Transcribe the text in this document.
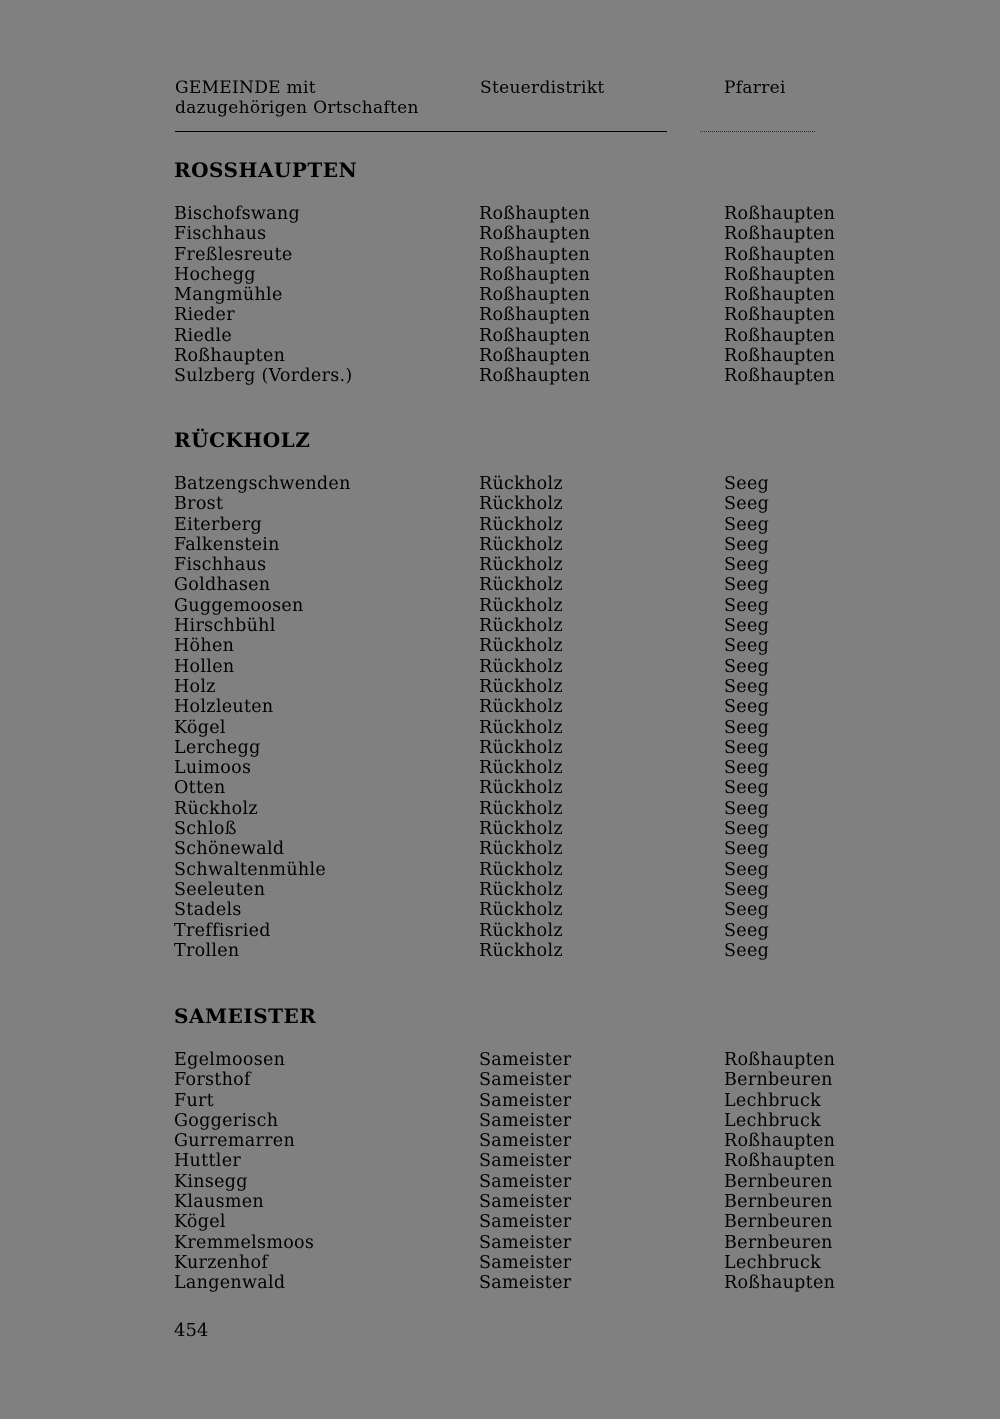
GEMEINDE mit
dazugehörigen Ortschaften
Steuerdistrikt	Pfarrei
ROSSHAUPTEN
Bischofswang	Roßhaupten	Roßhaupten
Fischhaus	Roßhaupten	Roßhaupten
Freßlesreute	Roßhaupten	Roßhaupten
Hochegg	Roßhaupten	Roßhaupten
Mangmühle	Roßhaupten	Roßhaupten
Rieder	Roßhaupten	Roßhaupten
Riedle	Roßhaupten	Roßhaupten
Roßhaupten	Roßhaupten	Roßhaupten
Sulzberg (Vorders.)	Roßhaupten	Roßhaupten
RÜCKHOLZ
Batzengschwenden	Rückholz	Seeg
Brost	Rückholz	Seeg
Eiterberg	Rückholz	Seeg
Falkenstein	Rückholz	Seeg
Fischhaus	Rückholz	Seeg
Goldhasen	Rückholz	Seeg
Guggemoosen	Rückholz	Seeg
Hirschbühl	Rückholz	Seeg
Höhen	Rückholz	Seeg
Hollen	Rückholz	Seeg
Holz	Rückholz	Seeg
Holzleuten	Rückholz	Seeg
Kögel	Rückholz	Seeg
Lerchegg	Rückholz	Seeg
Luimoos	Rückholz	Seeg
Otten	Rückholz	Seeg
Rückholz	Rückholz	Seeg
Schloß	Rückholz	Seeg
Schönewald	Rückholz	Seeg
Schwaltenmühle	Rückholz	Seeg
Seeleuten	Rückholz	Seeg
Stadels	Rückholz	Seeg
Treffisried	Rückholz	Seeg
Trollen	Rückholz	Seeg
SAMEISTER
Egelmoosen	Sameister	Roßhaupten
Forsthof	Sameister	Bernbeuren
Furt	Sameister	Lechbruck
Goggerisch	Sameister	Lechbruck
Gurremarren	Sameister	Roßhaupten
Huttler	Sameister	Roßhaupten
Kinsegg	Sameister	Bernbeuren
Klausmen	Sameister	Bernbeuren
Kögel	Sameister	Bernbeuren
Kremmelsmoos	Sameister	Bernbeuren
Kurzenhof	Sameister	Lechbruck
Langenwald	Sameister	Roßhaupten
454
